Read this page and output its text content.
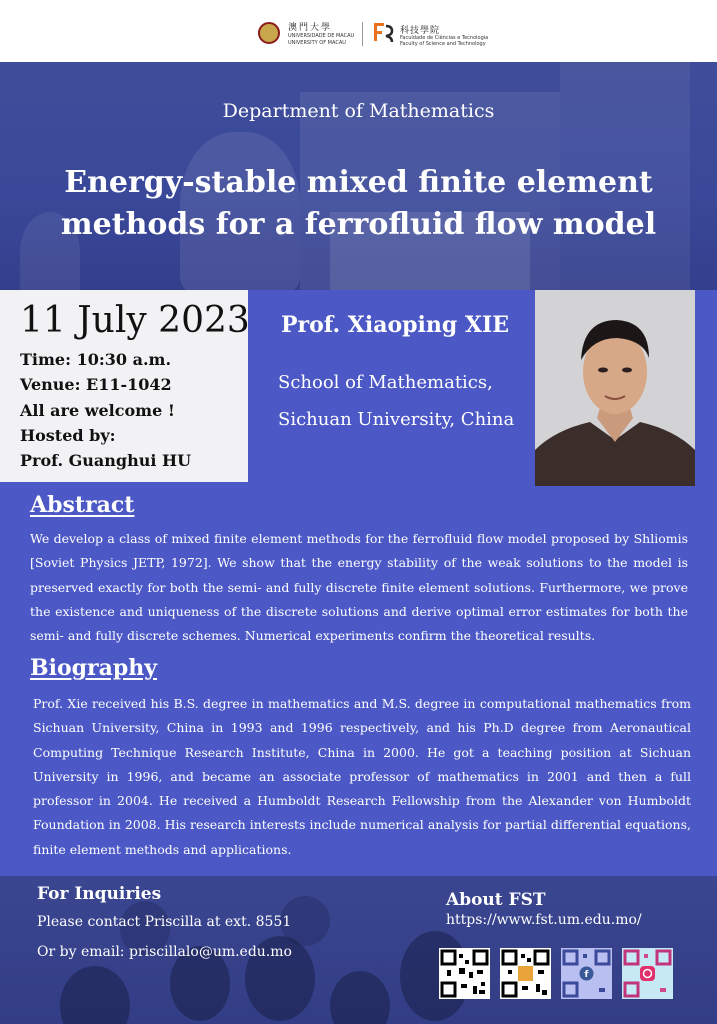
澳門大學
UNIVERSIDADE DE MACAU
UNIVERSITY OF MACAU
科技學院
Faculdade de Ciências e Tecnologia
Faculty of Science and Technology
Department of Mathematics
Energy-stable mixed finite element
methods for a ferrofluid flow model
11 July 2023
Time: 10:30 a.m.
Venue: E11-1042
All are welcome !
Hosted by:
Prof. Guanghui HU
Prof. Xiaoping XIE
School of Mathematics,
Sichuan University, China
Abstract
We develop a class of mixed finite element methods for the ferrofluid flow model proposed by Shliomis [Soviet Physics JETP, 1972]. We show that the energy stability of the weak solutions to the model is preserved exactly for both the semi- and fully discrete finite element solutions. Furthermore, we prove the existence and uniqueness of the discrete solutions and derive optimal error estimates for both the semi- and fully discrete schemes. Numerical experiments confirm the theoretical results.
Biography
Prof. Xie received his B.S. degree in mathematics and M.S. degree in computational mathematics from Sichuan University, China in 1993 and 1996 respectively, and his Ph.D degree from Aeronautical Computing Technique Research Institute, China in 2000. He got a teaching position at Sichuan University in 1996, and became an associate professor of mathematics in 2001 and then a full professor in 2004. He received a Humboldt Research Fellowship from the Alexander von Humboldt Foundation in 2008. His research interests include numerical analysis for partial differential equations, finite element methods and applications.
For Inquiries
Please contact Priscilla at ext. 8551
Or by email: priscillalo@um.edu.mo
About FST
https://www.fst.um.edu.mo/
f
